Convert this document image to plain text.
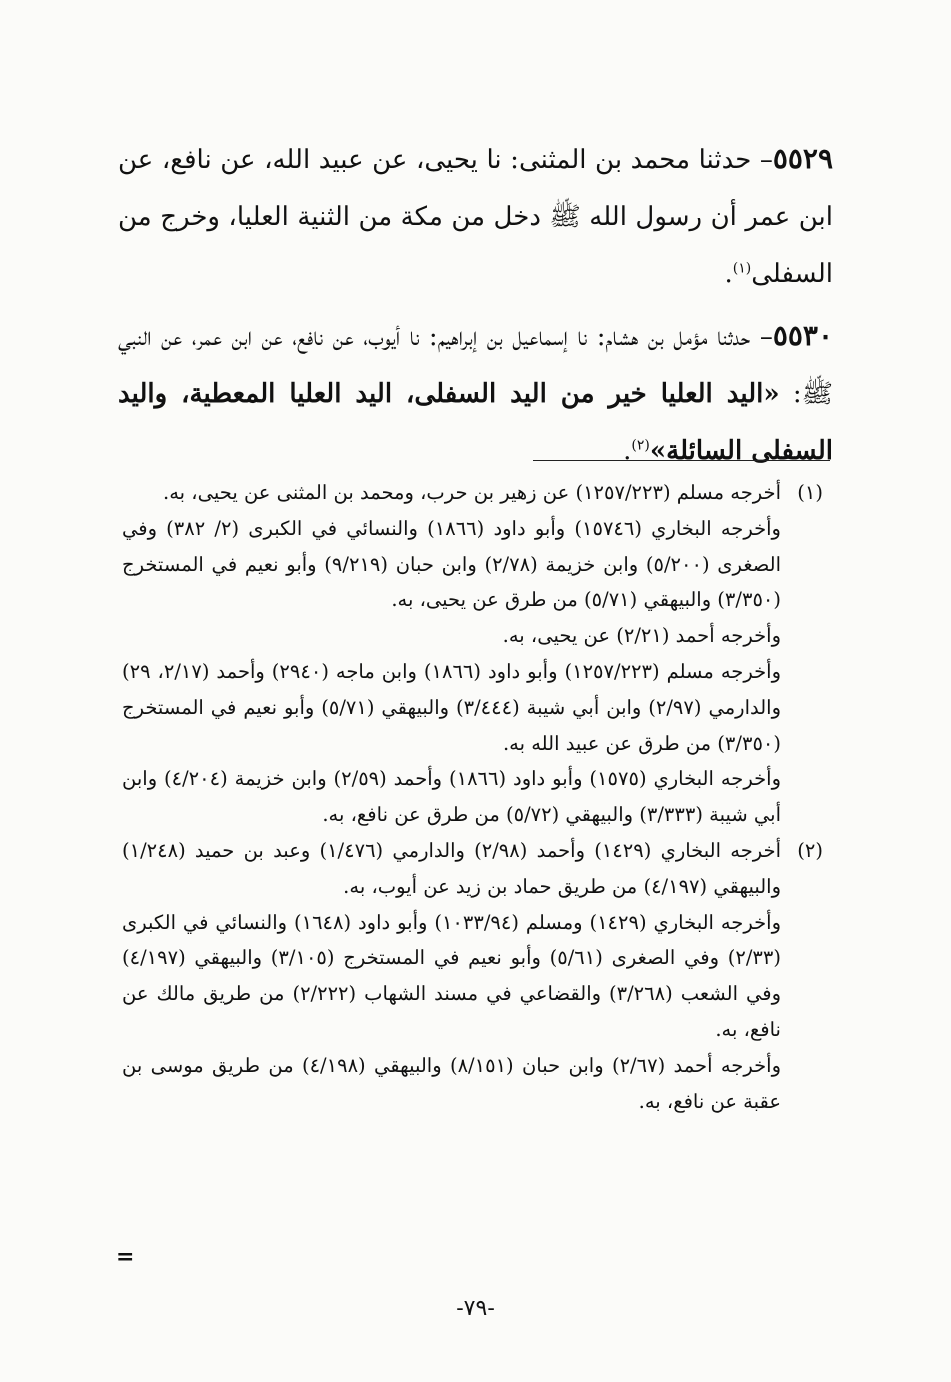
٥٥٢٩– حدثنا محمد بن المثنى: نا يحيى، عن عبيد الله، عن نافع، عن ابن عمر أن رسول الله ﷺ دخل من مكة من الثنية العليا، وخرج من السفلى$^{(١)}$.

٥٥٣٠– حدثنا مؤمل بن هشام: نا إسماعيل بن إبراهيم: نا أيوب، عن نافع، عن ابن عمر، عن النبي ﷺ: «اليد العليا خير من اليد السفلى، اليد العليا المعطية، واليد السفلى السائلة»$^{(٢)}$.

(١)
أخرجه مسلم (١٢٥٧/٢٢٣) عن زهير بن حرب، ومحمد بن المثنى عن يحيى، به.

وأخرجه البخاري (١٥٧٤٦) وأبو داود (١٨٦٦) والنسائي في الكبرى (٢/ ٣٨٢) وفي الصغرى (٥/٢٠٠) وابن خزيمة (٢/٧٨) وابن حبان (٩/٢١٩) وأبو نعيم في المستخرج (٣/٣٥٠) والبيهقي (٥/٧١) من طرق عن يحيى، به.

وأخرجه أحمد (٢/٢١) عن يحيى، به.

وأخرجه مسلم (١٢٥٧/٢٢٣) وأبو داود (١٨٦٦) وابن ماجه (٢٩٤٠) وأحمد (٢/١٧، ٢٩) والدارمي (٢/٩٧) وابن أبي شيبة (٣/٤٤٤) والبيهقي (٥/٧١) وأبو نعيم في المستخرج (٣/٣٥٠) من طرق عن عبيد الله به.

وأخرجه البخاري (١٥٧٥) وأبو داود (١٨٦٦) وأحمد (٢/٥٩) وابن خزيمة (٤/٢٠٤) وابن أبي شيبة (٣/٣٣٣) والبيهقي (٥/٧٢) من طرق عن نافع، به.

(٢)
أخرجه البخاري (١٤٢٩) وأحمد (٢/٩٨) والدارمي (١/٤٧٦) وعبد بن حميد (١/٢٤٨) والبيهقي (٤/١٩٧) من طريق حماد بن زيد عن أيوب، به.

وأخرجه البخاري (١٤٢٩) ومسلم (١٠٣٣/٩٤) وأبو داود (١٦٤٨) والنسائي في الكبرى (٢/٣٣) وفي الصغرى (٥/٦١) وأبو نعيم في المستخرج (٣/١٠٥) والبيهقي (٤/١٩٧) وفي الشعب (٣/٢٦٨) والقضاعي في مسند الشهاب (٢/٢٢٢) من طريق مالك عن نافع، به.

وأخرجه أحمد (٢/٦٧) وابن حبان (٨/١٥١) والبيهقي (٤/١٩٨) من طريق موسى بن عقبة عن نافع، به.

=
-٧٩-
